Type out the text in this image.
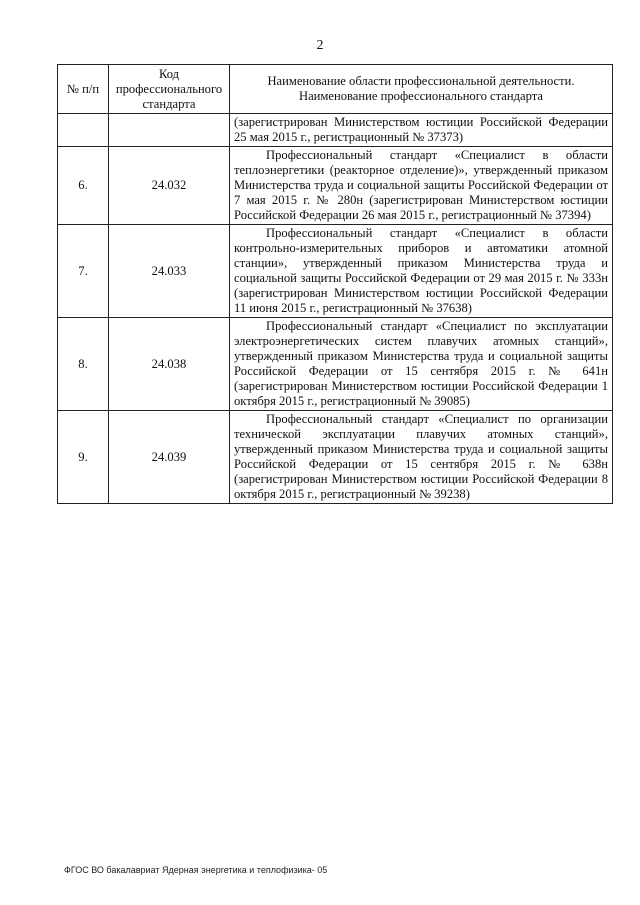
2
№ п/п	Код профессионального стандарта	Наименование области профессиональной деятельности. Наименование профессионального стандарта
		(зарегистрирован Министерством юстиции Российской Федерации 25 мая 2015 г., регистрационный № 37373)
6.	24.032	Профессиональный стандарт «Специалист в области теплоэнергетики (реакторное отделение)», утвержденный приказом Министерства труда и социальной защиты Российской Федерации от 7 мая 2015 г. № 280н (зарегистрирован Министерством юстиции Российской Федерации 26 мая 2015 г., регистрационный № 37394)
7.	24.033	Профессиональный стандарт «Специалист в области контрольно-измерительных приборов и автоматики атомной станции», утвержденный приказом Министерства труда и социальной защиты Российской Федерации от 29 мая 2015 г. № 333н (зарегистрирован Министерством юстиции Российской Федерации 11 июня 2015 г., регистрационный № 37638)
8.	24.038	Профессиональный стандарт «Специалист по эксплуатации электроэнергетических систем плавучих атомных станций», утвержденный приказом Министерства труда и социальной защиты Российской Федерации от 15 сентября 2015 г. № 641н (зарегистрирован Министерством юстиции Российской Федерации 1 октября 2015 г., регистрационный № 39085)
9.	24.039	Профессиональный стандарт «Специалист по организации технической эксплуатации плавучих атомных станций», утвержденный приказом Министерства труда и социальной защиты Российской Федерации от 15 сентября 2015 г. № 638н (зарегистрирован Министерством юстиции Российской Федерации 8 октября 2015 г., регистрационный № 39238)
ФГОС ВО бакалавриат Ядерная энергетика и теплофизика- 05
